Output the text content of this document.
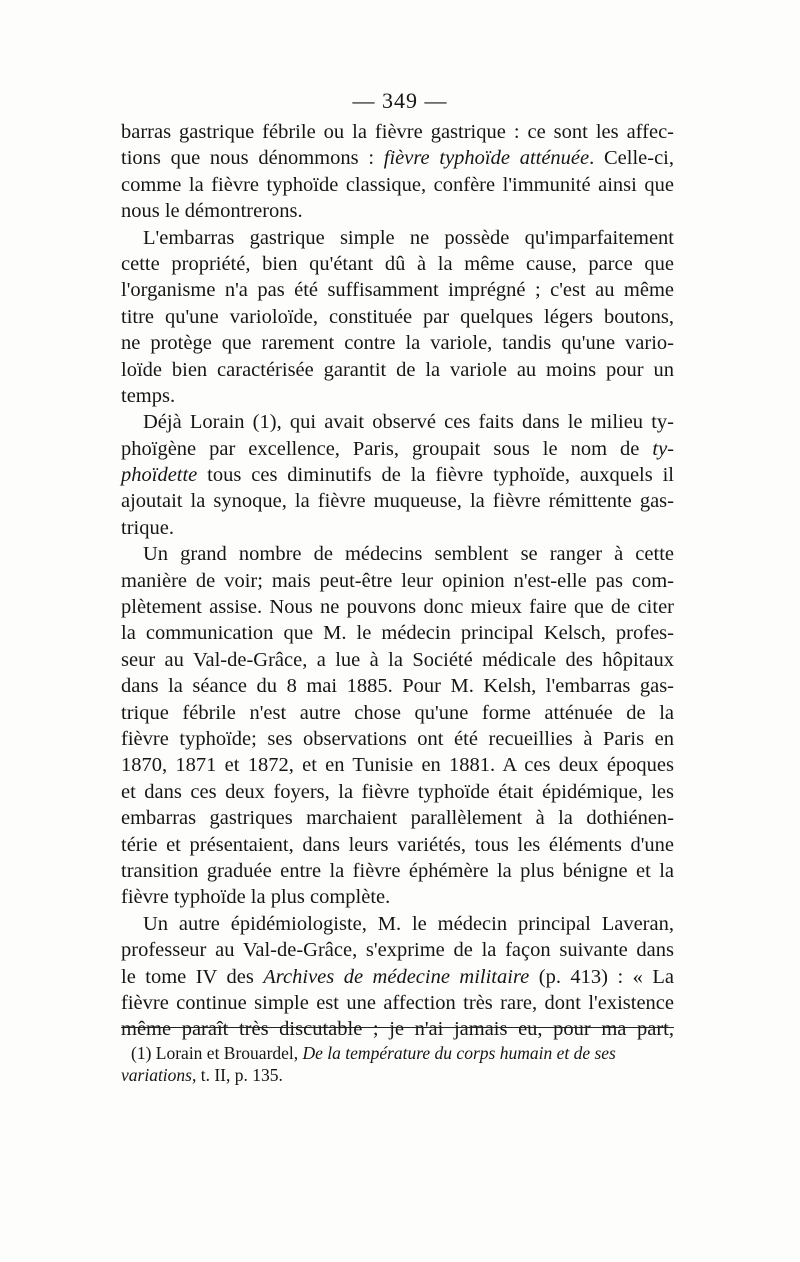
— 349 —
barras gastrique fébrile ou la fièvre gastrique : ce sont les affec-
tions que nous dénommons : fièvre typhoïde atténuée. Celle-ci,
comme la fièvre typhoïde classique, confère l'immunité ainsi que
nous le démontrerons.
L'embarras gastrique simple ne possède qu'imparfaitement
cette propriété, bien qu'étant dû à la même cause, parce que
l'organisme n'a pas été suffisamment imprégné ; c'est au même
titre qu'une varioloïde, constituée par quelques légers boutons,
ne protège que rarement contre la variole, tandis qu'une vario-
loïde bien caractérisée garantit de la variole au moins pour un
temps.
Déjà Lorain (1), qui avait observé ces faits dans le milieu ty-
phoïgène par excellence, Paris, groupait sous le nom de ty-
phoïdette tous ces diminutifs de la fièvre typhoïde, auxquels il
ajoutait la synoque, la fièvre muqueuse, la fièvre rémittente gas-
trique.
Un grand nombre de médecins semblent se ranger à cette
manière de voir; mais peut-être leur opinion n'est-elle pas com-
plètement assise. Nous ne pouvons donc mieux faire que de citer
la communication que M. le médecin principal Kelsch, profes-
seur au Val-de-Grâce, a lue à la Société médicale des hôpitaux
dans la séance du 8 mai 1885. Pour M. Kelsh, l'embarras gas-
trique fébrile n'est autre chose qu'une forme atténuée de la
fièvre typhoïde; ses observations ont été recueillies à Paris en
1870, 1871 et 1872, et en Tunisie en 1881. A ces deux époques
et dans ces deux foyers, la fièvre typhoïde était épidémique, les
embarras gastriques marchaient parallèlement à la dothiénen-
térie et présentaient, dans leurs variétés, tous les éléments d'une
transition graduée entre la fièvre éphémère la plus bénigne et la
fièvre typhoïde la plus complète.
Un autre épidémiologiste, M. le médecin principal Laveran,
professeur au Val-de-Grâce, s'exprime de la façon suivante dans
le tome IV des Archives de médecine militaire (p. 413) : « La
fièvre continue simple est une affection très rare, dont l'existence
même paraît très discutable ; je n'ai jamais eu, pour ma part,
(1) Lorain et Brouardel, De la température du corps humain et de ses
variations, t. II, p. 135.
